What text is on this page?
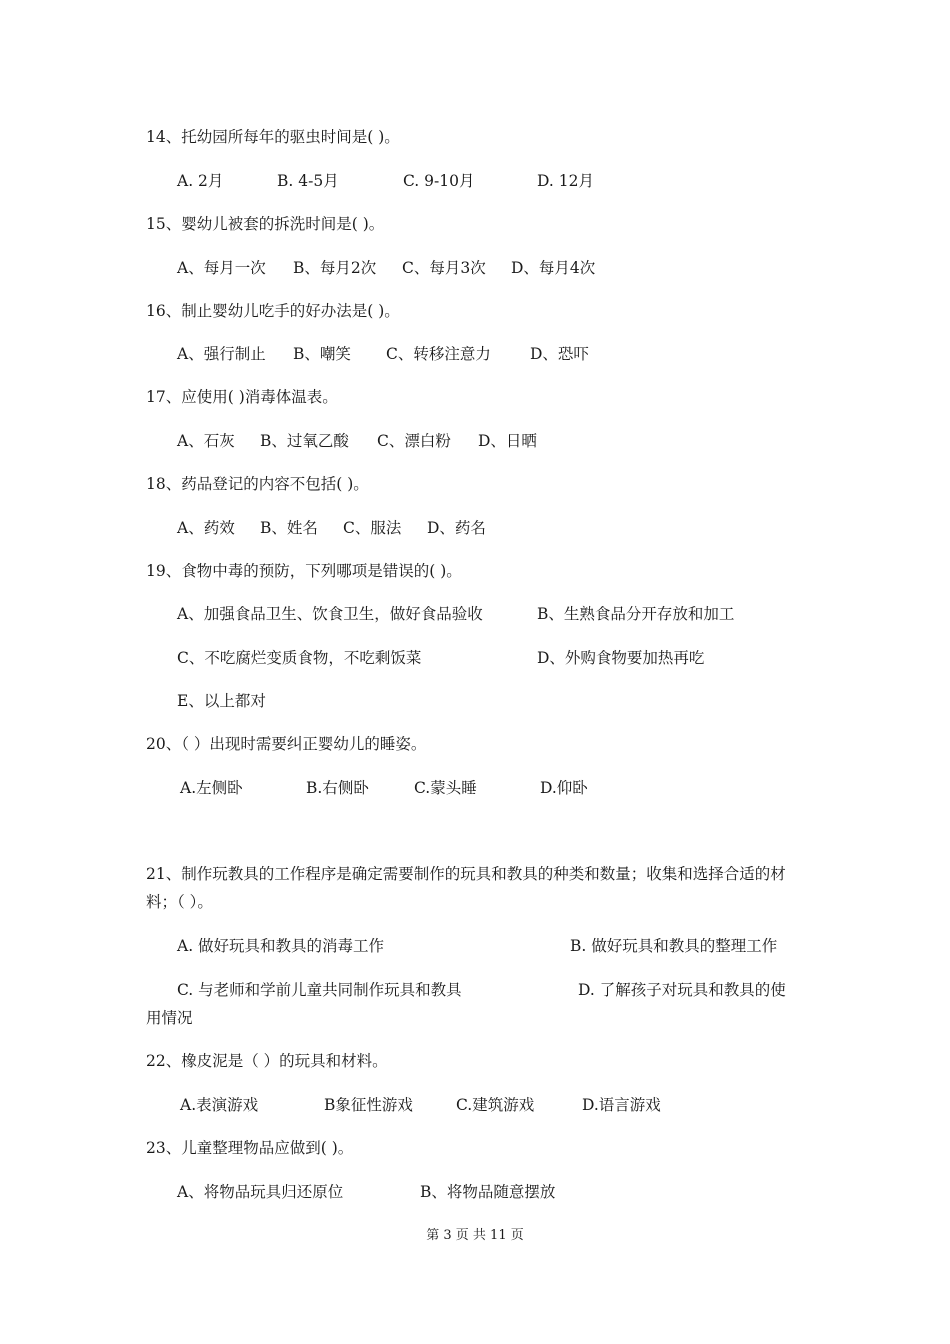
14、托幼园所每年的驱虫时间是( )。
A. 2月	B. 4-5月	C. 9-10月	D. 12月
15、婴幼儿被套的拆洗时间是( )。
A、每月一次 B、每月2次 C、每月3次 D、每月4次
16、制止婴幼儿吃手的好办法是( )。
A、强行制止 B、嘲笑 C、转移注意力	D、恐吓
17、应使用( )消毒体温表。
A、石灰 B、过氧乙酸 C、漂白粉 D、日晒
18、药品登记的内容不包括( )。
A、药效 B、姓名 C、服法 D、药名
19、食物中毒的预防，下列哪项是错误的( )。
A、加强食品卫生、饮食卫生，做好食品验收	B、生熟食品分开存放和加工
C、不吃腐烂变质食物，不吃剩饭菜	D、外购食物要加热再吃
E、以上都对
20、（ ）出现时需要纠正婴幼儿的睡姿。
A.左侧卧	B.右侧卧	C.蒙头睡	D.仰卧
21、制作玩教具的工作程序是确定需要制作的玩具和教具的种类和数量；收集和选择合适的材料；（ ）。
A. 做好玩具和教具的消毒工作	B. 做好玩具和教具的整理工作
C. 与老师和学前儿童共同制作玩具和教具	D. 了解孩子对玩具和教具的使
用情况
22、橡皮泥是（ ）的玩具和材料。
A.表演游戏	B象征性游戏	C.建筑游戏	D.语言游戏
23、儿童整理物品应做到( )。
A、将物品玩具归还原位	B、将物品随意摆放
第 3 页 共 11 页
